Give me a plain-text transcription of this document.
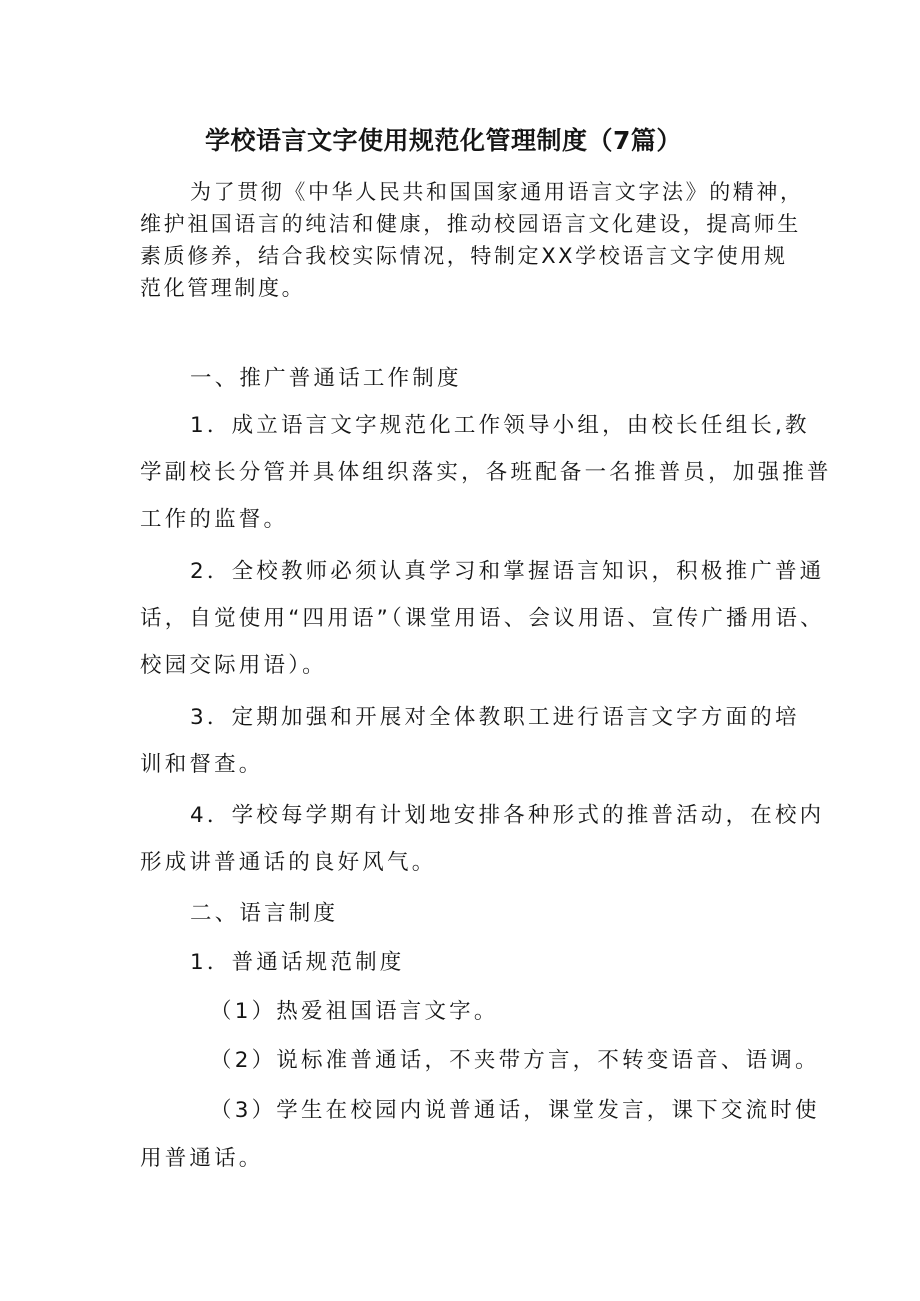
学校语言文字使用规范化管理制度（7篇）
为了贯彻《中华人民共和国国家通用语言文字法》的精神，
维护祖国语言的纯洁和健康，推动校园语言文化建设，提高师生
素质修养，结合我校实际情况，特制定XX学校语言文字使用规
范化管理制度。
一、推广普通话工作制度
1．成立语言文字规范化工作领导小组，由校长任组长,教
学副校长分管并具体组织落实，各班配备一名推普员，加强推普
工作的监督。
2．全校教师必须认真学习和掌握语言知识，积极推广普通
话，自觉使用“四用语”（课堂用语、会议用语、宣传广播用语、
校园交际用语）。
3．定期加强和开展对全体教职工进行语言文字方面的培
训和督查。
4．学校每学期有计划地安排各种形式的推普活动，在校内
形成讲普通话的良好风气。
二、语言制度
1．普通话规范制度
（1）热爱祖国语言文字。
（2）说标准普通话，不夹带方言，不转变语音、语调。
（3）学生在校园内说普通话，课堂发言，课下交流时使
用普通话。
